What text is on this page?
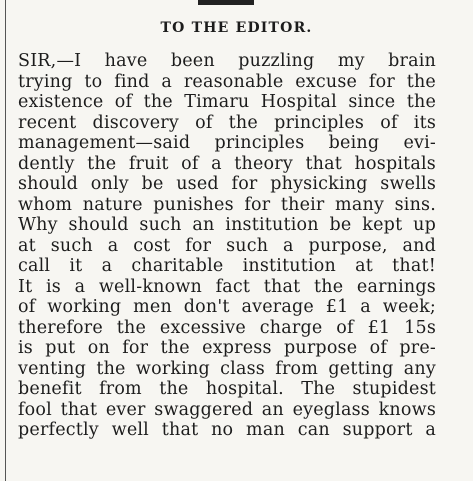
TO THE EDITOR.
SIR,—I have been puzzling my brain
trying to find a reasonable excuse for the
existence of the Timaru Hospital since the
recent discovery of the principles of its
management—said principles being evi-
dently the fruit of a theory that hospitals
should only be used for physicking swells
whom nature punishes for their many sins.
Why should such an institution be kept up
at such a cost for such a purpose, and
call it a charitable institution at that!
It is a well-known fact that the earnings
of working men don't average £1 a week;
therefore the excessive charge of £1 15s
is put on for the express purpose of pre-
venting the working class from getting any
benefit from the hospital. The stupidest
fool that ever swaggered an eyeglass knows
perfectly well that no man can support a
